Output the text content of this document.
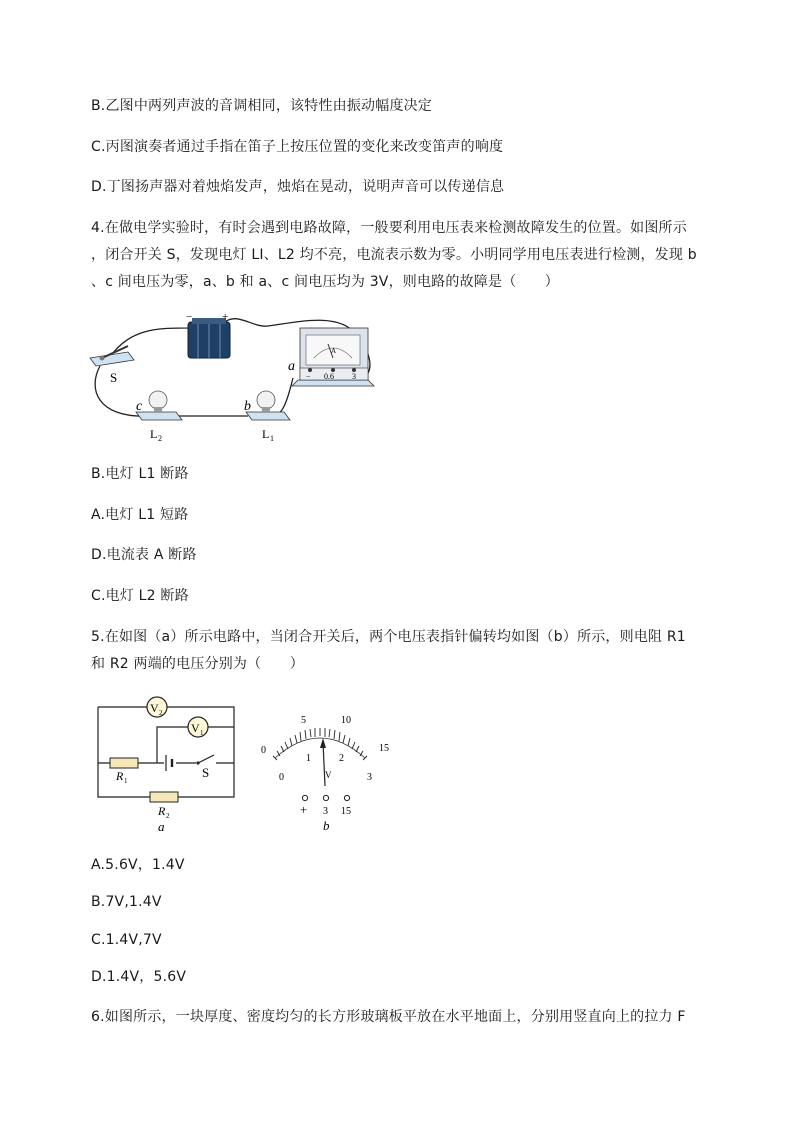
B.乙图中两列声波的音调相同，该特性由振动幅度决定
C.丙图演奏者通过手指在笛子上按压位置的变化来改变笛声的响度
D.丁图扬声器对着烛焰发声，烛焰在晃动，说明声音可以传递信息
4.在做电学实验时，有时会遇到电路故障，一般要利用电压表来检测故障发生的位置。如图所示
，闭合开关 S，发现电灯 LI、L2 均不亮，电流表示数为零。小明同学用电压表进行检测，发现 b
、c 间电压为零，a、b 和 a、c 间电压均为 3V，则电路的故障是（　　）
S
−	+
A
− 0.6 3
a
c
L 2
b
L 1
B.电灯 L1 断路
A.电灯 L1 短路
D.电流表 A 断路
C.电灯 L2 断路
5.在如图（a）所示电路中，当闭合开关后，两个电压表指针偏转均如图（b）所示，则电阻 R1
和 R2 两端的电压分别为（　　）
V 2
V 1
R 1
S
R 2
a
0
5	10
15
0
1	2
3
V
+ 3 15
b
A.5.6V，1.4V
B.7V,1.4V
C.1.4V,7V
D.1.4V，5.6V
6.如图所示，一块厚度、密度均匀的长方形玻璃板平放在水平地面上，分别用竖直向上的拉力 F
